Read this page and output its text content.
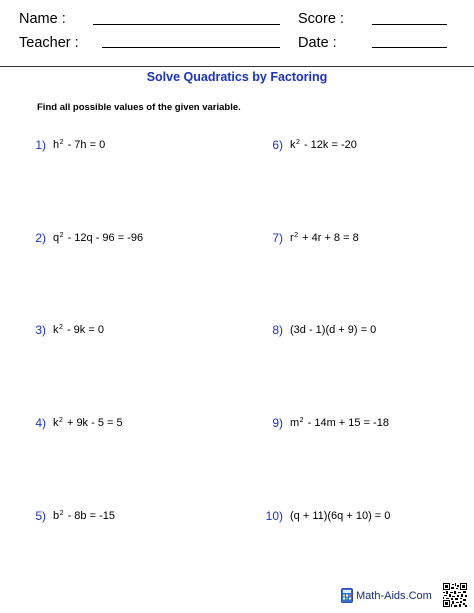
Name :	Score :
Teacher :	Date :
Solve Quadratics by Factoring
Find all possible values of the given variable.
1) $h^2 - 7h = 0$
2) $q^2 - 12q - 96 = -96$
3) $k^2 - 9k = 0$
4) $k^2 + 9k - 5 = 5$
5) $b^2 - 8b = -15$
6) $k^2 - 12k = -20$
7) $r^2 + 4r + 8 = 8$
8) (3d - 1)(d + 9) = 0
9) $m^2 - 14m + 15 = -18$
10) (q + 11)(6q + 10) = 0
Math-Aids.Com
